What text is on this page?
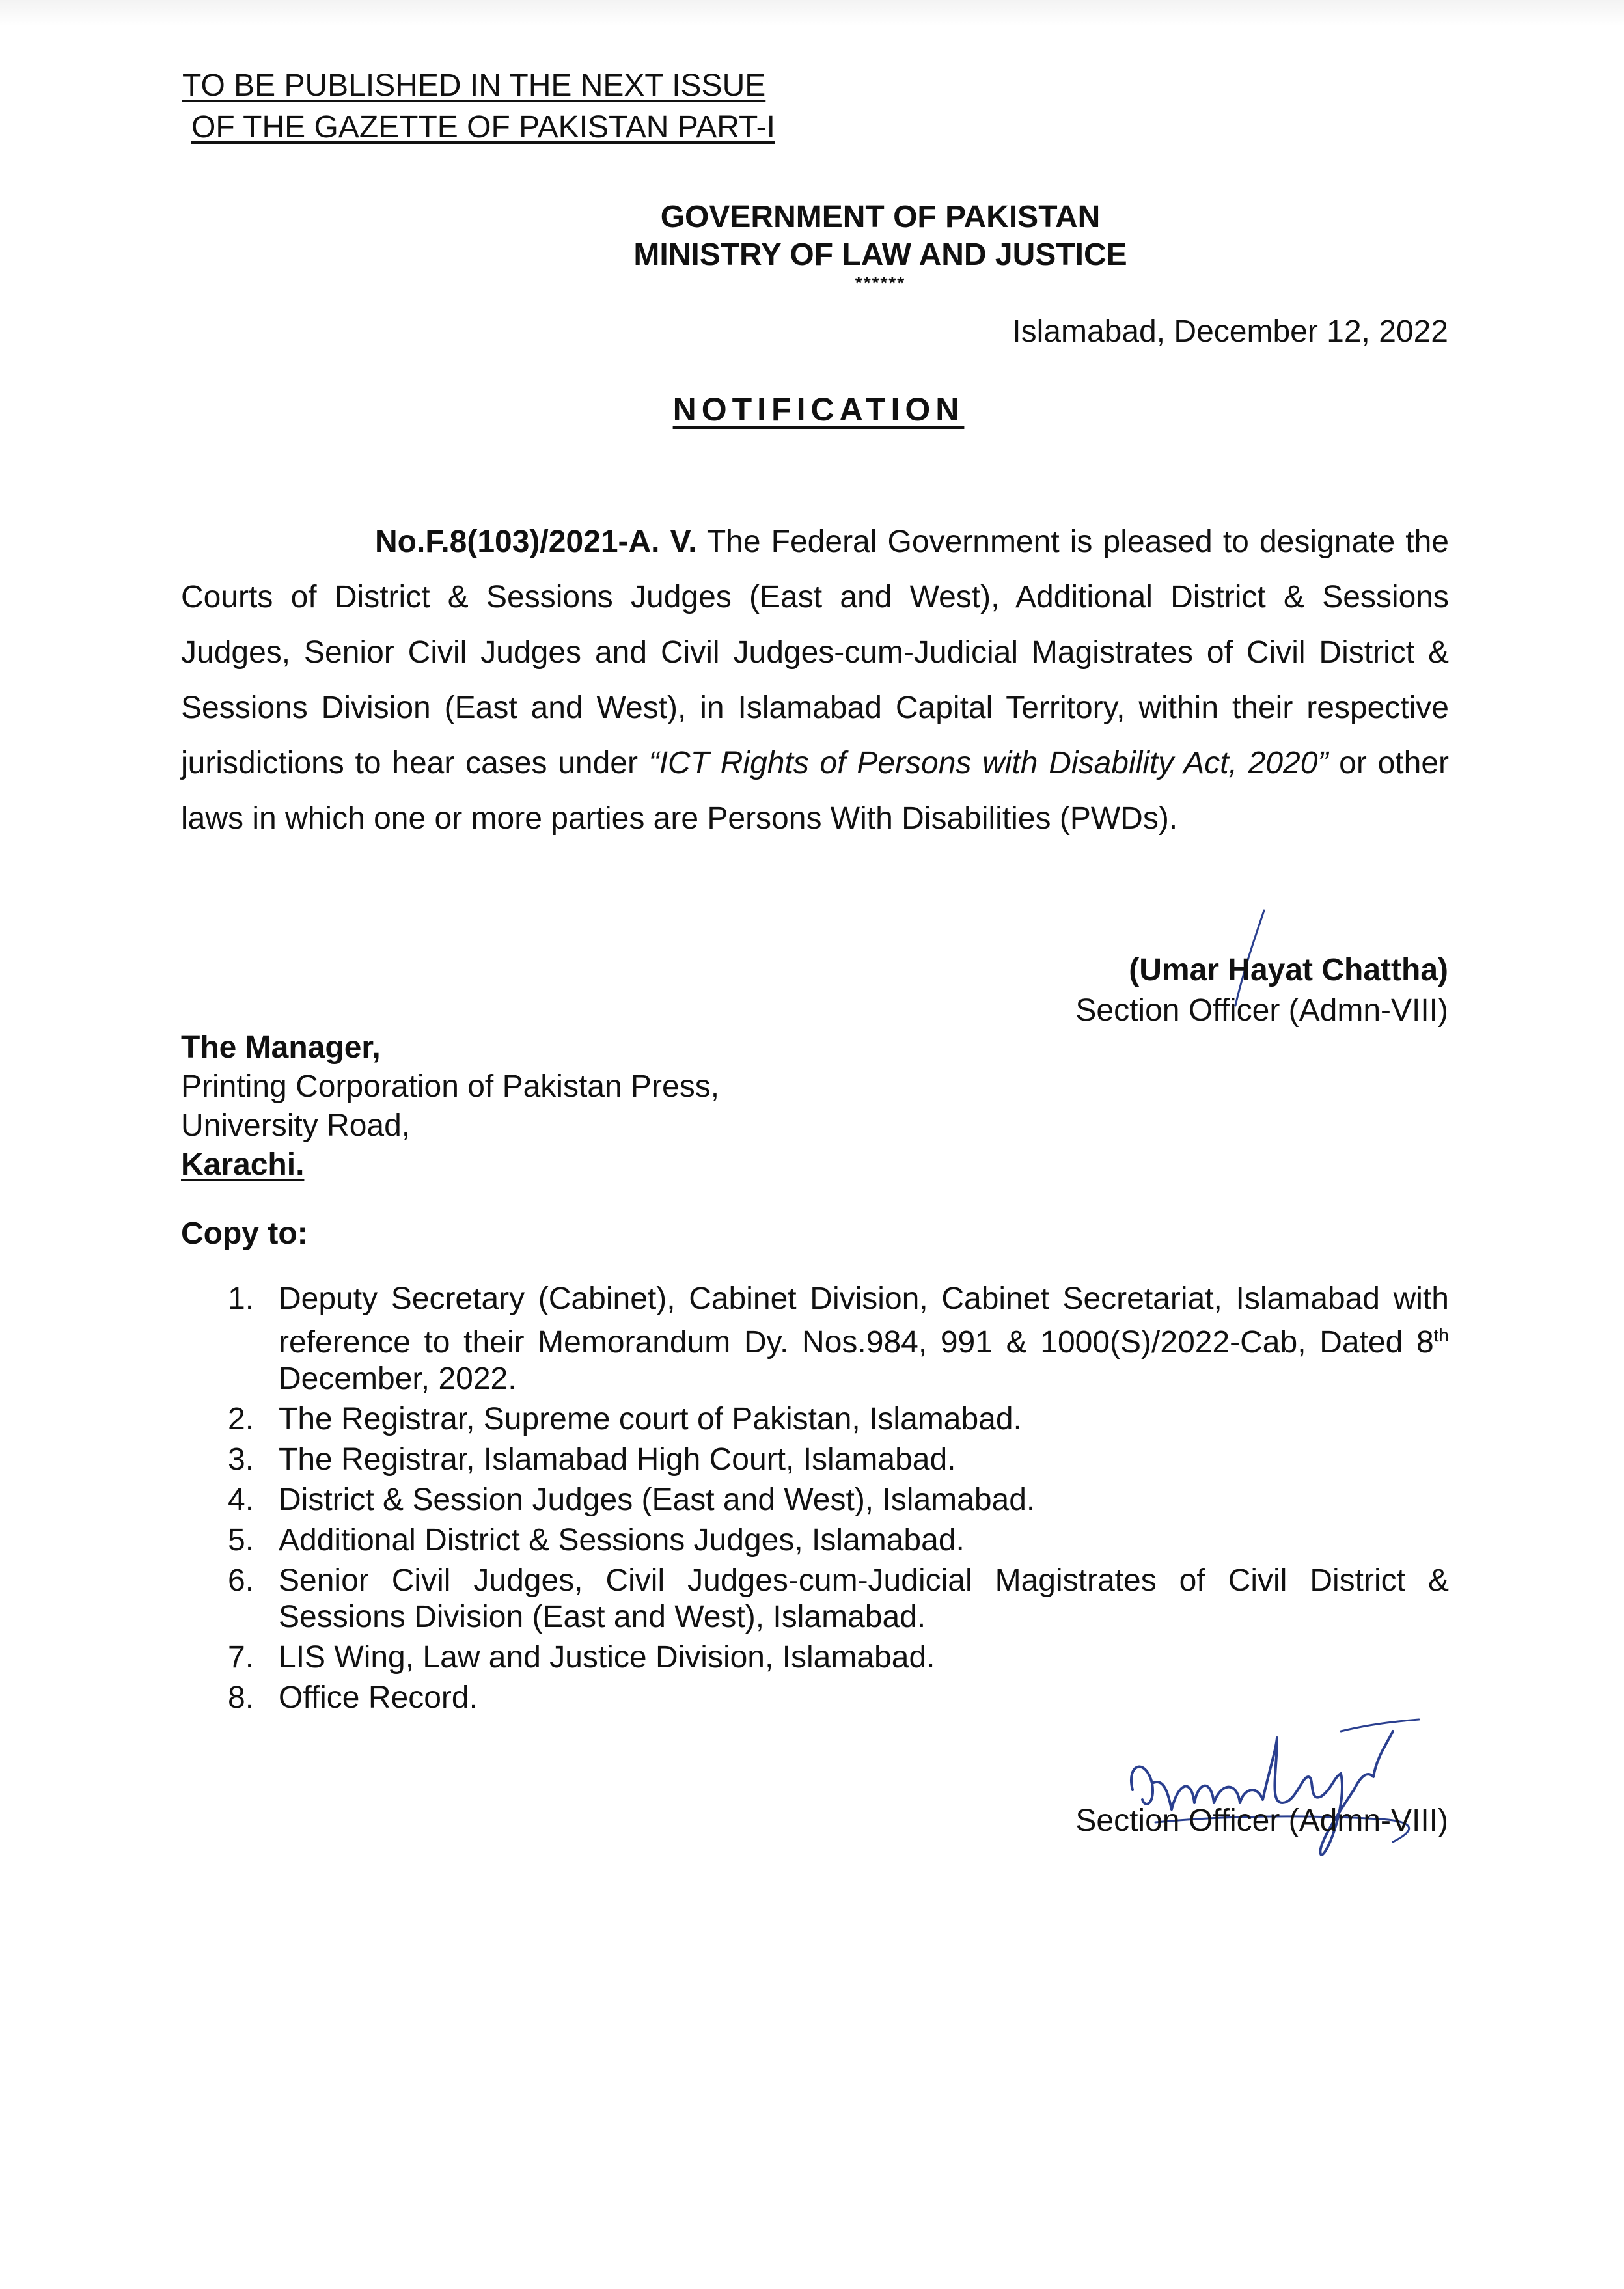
TO BE PUBLISHED IN THE NEXT ISSUE
OF THE GAZETTE OF PAKISTAN PART-I
GOVERNMENT OF PAKISTAN
MINISTRY OF LAW AND JUSTICE
******
Islamabad, December 12, 2022
NOTIFICATION
No.F.8(103)/2021-A. V. The Federal Government is pleased to designate the Courts of District & Sessions Judges (East and West), Additional District & Sessions Judges, Senior Civil Judges and Civil Judges-cum-Judicial Magistrates of Civil District & Sessions Division (East and West), in Islamabad Capital Territory, within their respective jurisdictions to hear cases under “ICT Rights of Persons with Disability Act, 2020” or other laws in which one or more parties are Persons With Disabilities (PWDs).
(Umar Hayat Chattha)
Section Officer (Admn-VIII)
The Manager,
Printing Corporation of Pakistan Press,
University Road,
Karachi.
Copy to:
1. Deputy Secretary (Cabinet), Cabinet Division, Cabinet Secretariat, Islamabad with reference to their Memorandum Dy. Nos.984, 991 & 1000(S)/2022-Cab, Dated 8th December, 2022.
2. The Registrar, Supreme court of Pakistan, Islamabad.
3. The Registrar, Islamabad High Court, Islamabad.
4. District & Session Judges (East and West), Islamabad.
5. Additional District & Sessions Judges, Islamabad.
6. Senior Civil Judges, Civil Judges-cum-Judicial Magistrates of Civil District & Sessions Division (East and West), Islamabad.
7. LIS Wing, Law and Justice Division, Islamabad.
8. Office Record.
Section Officer (Admn-VIII)
